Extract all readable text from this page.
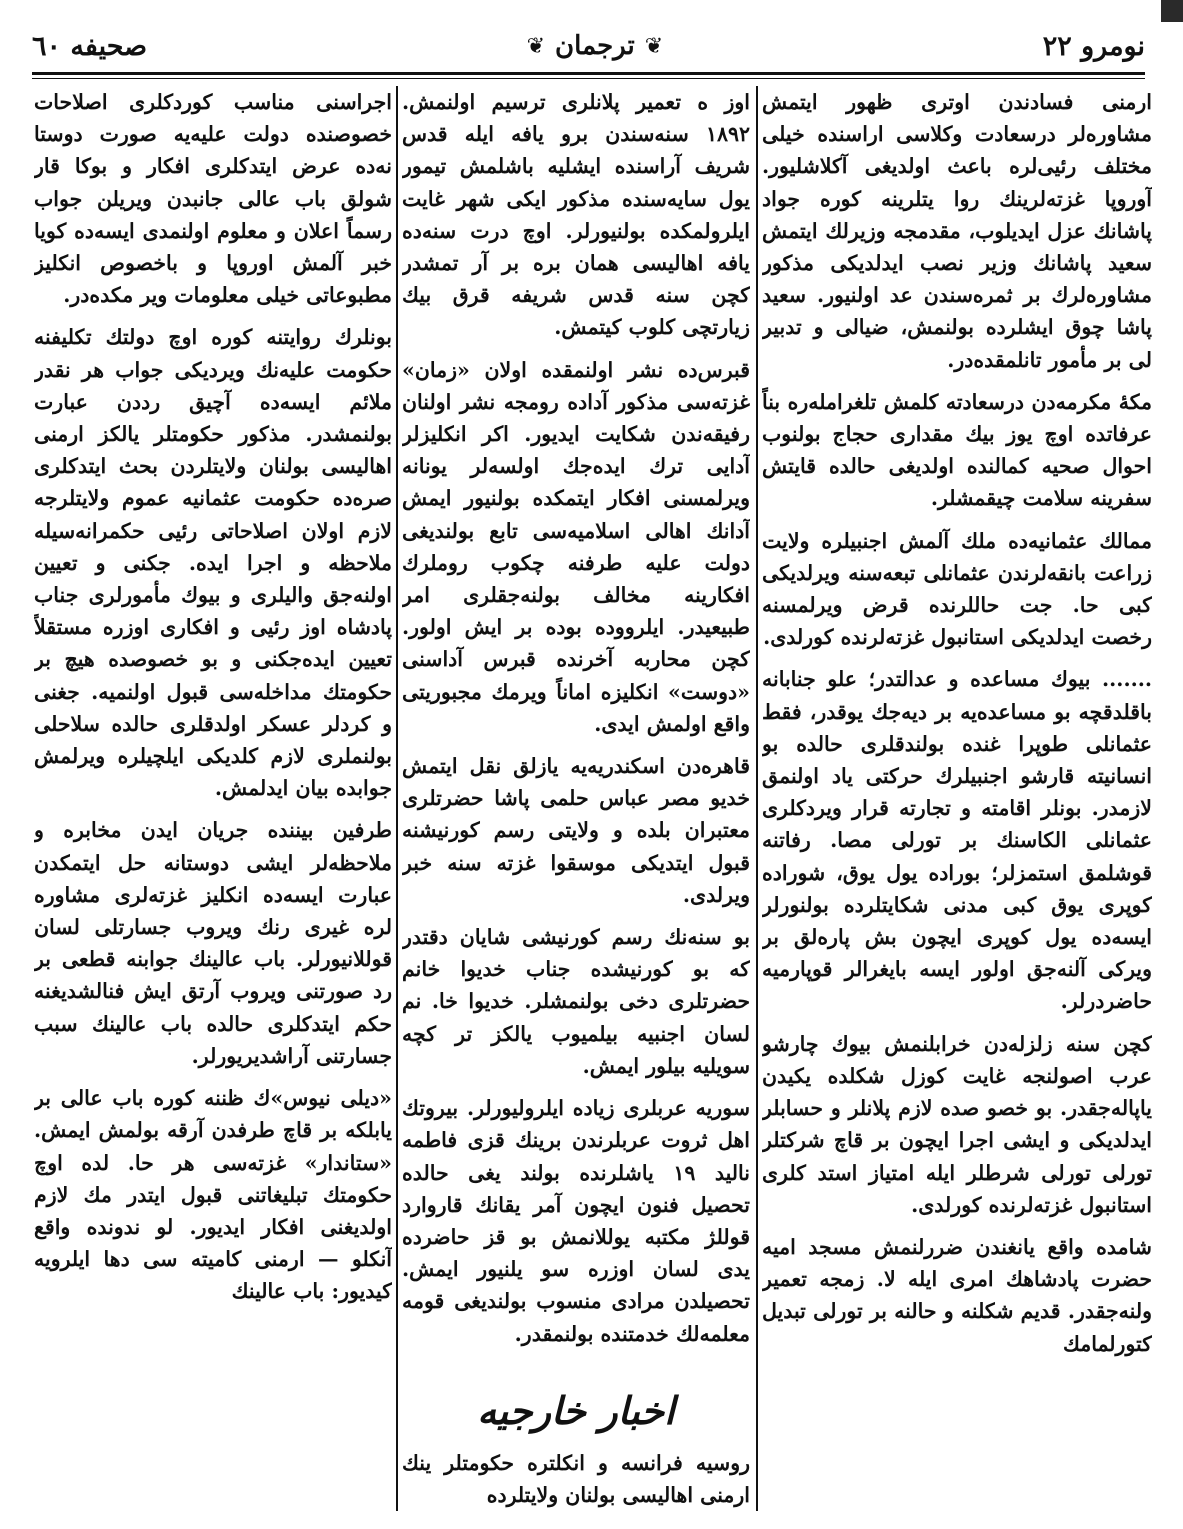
نومرو ٢٢
❦
ترجمان
❦
صحيفه ٦٠

ارمنی فسادندن اوتری ظهور ایتمش مشاوره‌لر درسعادت وکلاسی اراسنده خیلی مختلف رئیی‌لره باعث اولدیغی آکلاشلیور. آوروپا غزته‌لرینك روا یتلرینه کوره جواد پاشانك عزل ایدیلوب، مقدمجه وزیرلك ایتمش سعید پاشانك وزیر نصب ایدلدیکی مذکور مشاوره‌لرك بر ثمره‌سندن عد اولنیور. سعید پاشا چوق ایشلرده بولنمش، ضیالی و تدبیر لی بر مأمور تانلمقده‌در.

مکهٔ مکرمه‌دن درسعادته کلمش تلغرامله‌ره بناً عرفاتده اوچ یوز بیك مقداری حجاج بولنوب احوال صحیه کمالنده اولدیغی حالده قایتش سفرینه سلامت چیقمشلر.

ممالك عثمانیه‌ده ملك آلمش اجنبیلره ولایت زراعت بانقه‌لرندن عثمانلی تبعه‌سنه ویرلدیکی کبی حا. جت حاللرنده قرض ویرلمسنه رخصت ایدلدیکی استانبول غزته‌لرنده کورلدی.

....... بیوك مساعده و عدالتدر؛ علو جنابانه باقلدقچه بو مساعده‌یه بر دیه‌جك یوقدر، فقط عثمانلی طوپرا غنده بولندقلری حالده بو انسانیته قارشو اجنبیلرك حرکتی یاد اولنمق لازمدر. بونلر اقامته و تجارته قرار ویردکلری عثمانلی الکاسنك بر تورلی مصا. رفاتنه قوشلمق استمزلر؛ بوراده یول یوق، شوراده کوپری یوق کبی مدنی شکایتلرده بولنورلر ایسه‌ده یول کوپری ایچون بش پاره‌لق بر ویرکی آلنه‌جق اولور ایسه بایغرالر قوپارمیه حاضردرلر.

کچن سنه زلزله‌دن خرابلنمش بیوك چارشو عرب اصولنجه غایت کوزل شکلده یکیدن یاپاله‌جقدر. بو خصو صده لازم پلانلر و حسابلر ایدلدیکی و ایشی اجرا ایچون بر قاچ شرکتلر تورلی تورلی شرطلر ایله امتیاز استد کلری استانبول غزته‌لرنده کورلدی.

شامده واقع یانغندن ضررلنمش مسجد امیه حضرت پادشاهك امری ایله لا. زمجه تعمیر ولنه‌جقدر. قدیم شکلنه و حالنه بر تورلی تبدیل کتورلمامك

اوز ه تعمیر پلانلری ترسیم اولنمش. ١٨٩٢ سنه‌سندن برو یافه ایله قدس شریف آراسنده ایشلیه باشلمش تیمور یول سایه‌سنده مذکور ایکی شهر غایت ایلرولمکده بولنیورلر. اوچ درت سنه‌ده یافه اهالیسی همان بره بر آر تمشدر کچن سنه قدس شریفه قرق بیك زیارتچی کلوب کیتمش.

قبرس‌ده نشر اولنمقده اولان «زمان» غزته‌سی مذکور آداده رومجه نشر اولنان رفیقه‌ندن شکایت ایدیور. اکر انکلیزلر آدایی ترك ایده‌جك اولسه‌لر یونانه ویرلمسنی افکار ایتمکده بولنیور ایمش آدانك اهالی اسلامیه‌سی تابع بولندیغی دولت علیه طرفنه چکوب روملرك افکارینه مخالف بولنه‌جقلری امر طبیعیدر. ایلرووده بوده بر ایش اولور. کچن محاربه آخرنده قبرس آداسنی «دوست» انکلیزه اماناً ویرمك مجبوریتی واقع اولمش ایدی.

قاهره‌دن اسکندریه‌یه یازلق نقل ایتمش خدیو مصر عباس حلمی پاشا حضرتلری معتبران بلده و ولایتی رسم کورنیشنه قبول ایتدیکی موسقوا غزته سنه خبر ویرلدی.

بو سنه‌نك رسم کورنیشی شایان دقتدر که بو کورنیشده جناب خدیوا خانم حضرتلری دخی بولنمشلر. خدیوا خا. نم لسان اجنبیه بیلمیوب یالکز تر کچه سویلیه بیلور ایمش.

سوریه عربلری زیاده ایلرولیورلر. بیروتك اهل ثروت عربلرندن برینك قزی فاطمه نالید ١٩ یاشلرنده بولند یغی حالده تحصیل فنون ایچون آمر یقانك قاروارد قوللژ مکتبه یوللانمش بو قز حاضرده یدی لسان اوزره سو یلنیور ایمش. تحصیلدن مرادی منسوب بولندیغی قومه معلمه‌لك خدمتنده بولنمقدر.

اخبار خارجیه

روسیه فرانسه و انکلتره حکومتلر ینك ارمنی اهالیسی بولنان ولایتلرده

اجراسنی مناسب کوردکلری اصلاحات خصوصنده دولت علیه‌یه صورت دوستا نه‌ده عرض ایتدکلری افکار و بوکا قار شولق باب عالی جانبدن ویریلن جواب رسماً اعلان و معلوم اولنمدی ایسه‌ده کویا خبر آلمش اوروپا و باخصوص انکلیز مطبوعاتی خیلی معلومات ویر مکده‌در.

بونلرك روایتنه کوره اوچ دولتك تکلیفنه حکومت علیه‌نك ویردیکی جواب هر نقدر ملائم ایسه‌ده آچیق رددن عبارت بولنمشدر. مذکور حکومتلر یالکز ارمنی اهالیسی بولنان ولایتلردن بحث ایتدکلری صره‌ده حکومت عثمانیه عموم ولایتلرجه لازم اولان اصلاحاتی رئیی حکمرانه‌سیله ملاحظه و اجرا ایده. جکنی و تعیین اولنه‌جق والیلری و بیوك مأمورلری جناب پادشاه اوز رئیی و افکاری اوزره مستقلاً تعیین ایده‌جکنی و بو خصوصده هیچ بر حکومتك مداخله‌سی قبول اولنمیه. جغنی و کردلر عسکر اولدقلری حالده سلاحلی بولنملری لازم کلدیکی ایلچیلره ویرلمش جوابده بیان ایدلمش.

طرفین بیننده جریان ایدن مخابره و ملاحظه‌لر ایشی دوستانه حل ایتمکدن عبارت ایسه‌ده انکلیز غزته‌لری مشاوره لره غیری رنك ویروب جسارتلی لسان قوللانیورلر. باب عالینك جوابنه قطعی بر رد صورتنی ویروب آرتق ایش فنالشدیغنه حکم ایتدکلری حالده باب عالینك سبب جسارتنی آراشدیریورلر.

«دیلی نیوس»ك ظننه کوره باب عالی بر یابلکه بر قاچ طرفدن آرقه بولمش ایمش. «ستاندار» غزته‌سی هر حا. لده اوچ حکومتك تبلیغاتنی قبول ایتدر مك لازم اولدیغنی افکار ایدیور. لو ندونده واقع آنکلو — ارمنی کامیته سی دها ایلرویه کیدیور: باب عالینك
